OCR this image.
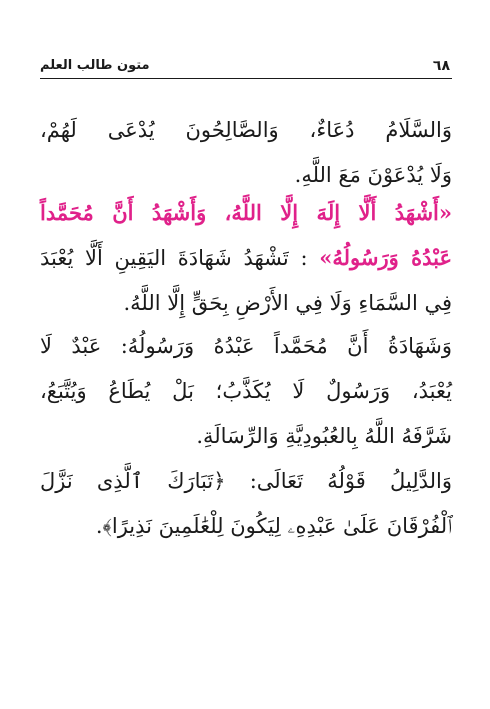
٦٨
متون طالب العلم
وَالسَّلَامُ دُعَاءٌ، وَالصَّالِحُونَ يُدْعَى لَهُمْ،
وَلَا يُدْعَوْنَ مَعَ اللَّهِ.
«أَشْهَدُ أَلَّا إِلَهَ إِلَّا اللَّهُ، وَأَشْهَدُ أَنَّ مُحَمَّداً
عَبْدُهُ وَرَسُولُهُ» : تَشْهَدُ شَهَادَةَ اليَقِينِ أَلَّا يُعْبَدَ
فِي السَّمَاءِ وَلَا فِي الأَرْضِ بِحَقٍّ إِلَّا اللَّهُ.
وَشَهَادَةُ أَنَّ مُحَمَّداً عَبْدُهُ وَرَسُولُهُ: عَبْدٌ لَا
يُعْبَدُ، وَرَسُولٌ لَا يُكَذَّبُ؛ بَلْ يُطَاعُ وَيُتَّبَعُ،
شَرَّفَهُ اللَّهُ بِالعُبُودِيَّةِ وَالرِّسَالَةِ.
وَالدَّلِيلُ قَوْلُهُ تَعَالَى: ﴿تَبَارَكَ ٱلَّذِى نَزَّلَ
ٱلْفُرْقَانَ عَلَىٰ عَبْدِهِۦ لِيَكُونَ لِلْعَٰلَمِينَ نَذِيرًا﴾.
